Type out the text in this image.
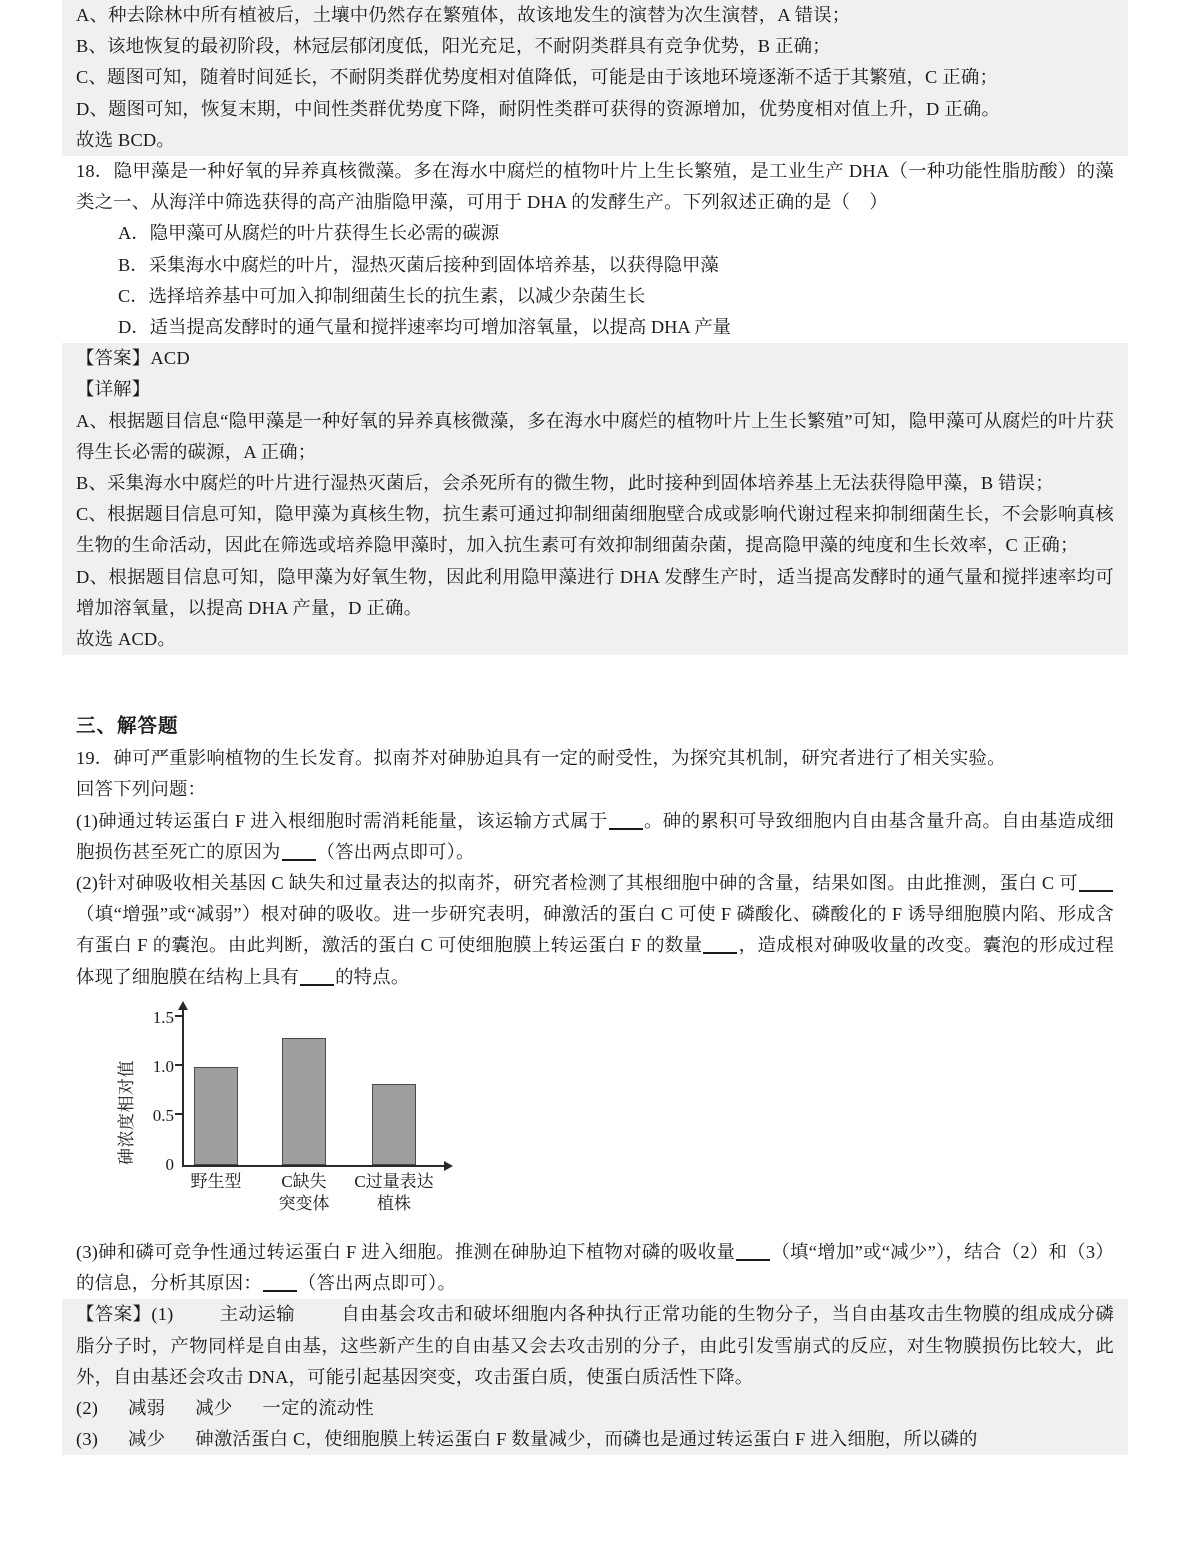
A、种去除林中所有植被后，土壤中仍然存在繁殖体，故该地发生的演替为次生演替，A 错误；

B、该地恢复的最初阶段，林冠层郁闭度低，阳光充足，不耐阴类群具有竞争优势，B 正确；

C、题图可知，随着时间延长，不耐阴类群优势度相对值降低，可能是由于该地环境逐渐不适于其繁殖，C 正确；

D、题图可知，恢复末期，中间性类群优势度下降，耐阴性类群可获得的资源增加，优势度相对值上升，D 正确。

故选 BCD。

18．隐甲藻是一种好氧的异养真核微藻。多在海水中腐烂的植物叶片上生长繁殖，是工业生产 DHA（一种功能性脂肪酸）的藻类之一、从海洋中筛选获得的高产油脂隐甲藻，可用于 DHA 的发酵生产。下列叙述正确的是（    ）

A．隐甲藻可从腐烂的叶片获得生长必需的碳源

B．采集海水中腐烂的叶片，湿热灭菌后接种到固体培养基，以获得隐甲藻

C．选择培养基中可加入抑制细菌生长的抗生素，以减少杂菌生长

D．适当提高发酵时的通气量和搅拌速率均可增加溶氧量，以提高 DHA 产量

【答案】ACD

【详解】

A、根据题目信息“隐甲藻是一种好氧的异养真核微藻，多在海水中腐烂的植物叶片上生长繁殖”可知，隐甲藻可从腐烂的叶片获得生长必需的碳源，A 正确；

B、采集海水中腐烂的叶片进行湿热灭菌后，会杀死所有的微生物，此时接种到固体培养基上无法获得隐甲藻，B 错误；

C、根据题目信息可知，隐甲藻为真核生物，抗生素可通过抑制细菌细胞壁合成或影响代谢过程来抑制细菌生长，不会影响真核生物的生命活动，因此在筛选或培养隐甲藻时，加入抗生素可有效抑制细菌杂菌，提高隐甲藻的纯度和生长效率，C 正确；

D、根据题目信息可知，隐甲藻为好氧生物，因此利用隐甲藻进行 DHA 发酵生产时，适当提高发酵时的通气量和搅拌速率均可增加溶氧量，以提高 DHA 产量，D 正确。

故选 ACD。

三、解答题

19．砷可严重影响植物的生长发育。拟南芥对砷胁迫具有一定的耐受性，为探究其机制，研究者进行了相关实验。

回答下列问题：

(1)砷通过转运蛋白 F 进入根细胞时需消耗能量，该运输方式属于 。砷的累积可导致细胞内自由基含量升高。自由基造成细胞损伤甚至死亡的原因为 （答出两点即可）。

(2)针对砷吸收相关基因 C 缺失和过量表达的拟南芥，研究者检测了其根细胞中砷的含量，结果如图。由此推测，蛋白 C 可（填“增强”或“减弱”）根对砷的吸收。进一步研究表明，砷激活的蛋白 C 可使 F 磷酸化、磷酸化的 F 诱导细胞膜内陷、形成含有蛋白 F 的囊泡。由此判断，激活的蛋白 C 可使细胞膜上转运蛋白 F 的数量 ，造成根对砷吸收量的改变。囊泡的形成过程体现了细胞膜在结构上具有 的特点。

砷浓度相对值
1.5
1.0
0.5
0
野生型	C缺失
突变体
C过量表达
植株

(3)砷和磷可竞争性通过转运蛋白 F 进入细胞。推测在砷胁迫下植物对磷的吸收量 （填“增加”或“减少”），结合（2）和（3）的信息，分析其原因： （答出两点即可）。

【答案】(1)	主动运输	自由基会攻击和破坏细胞内各种执行正常功能的生物分子，当自由基攻击生物膜的组成成分磷脂分子时，产物同样是自由基，这些新产生的自由基又会去攻击别的分子，由此引发雪崩式的反应，对生物膜损伤比较大，此外，自由基还会攻击 DNA，可能引起基因突变，攻击蛋白质，使蛋白质活性下降。

(2) 减弱 减少 一定的流动性

(3) 减少 砷激活蛋白 C，使细胞膜上转运蛋白 F 数量减少，而磷也是通过转运蛋白 F 进入细胞，所以磷的
